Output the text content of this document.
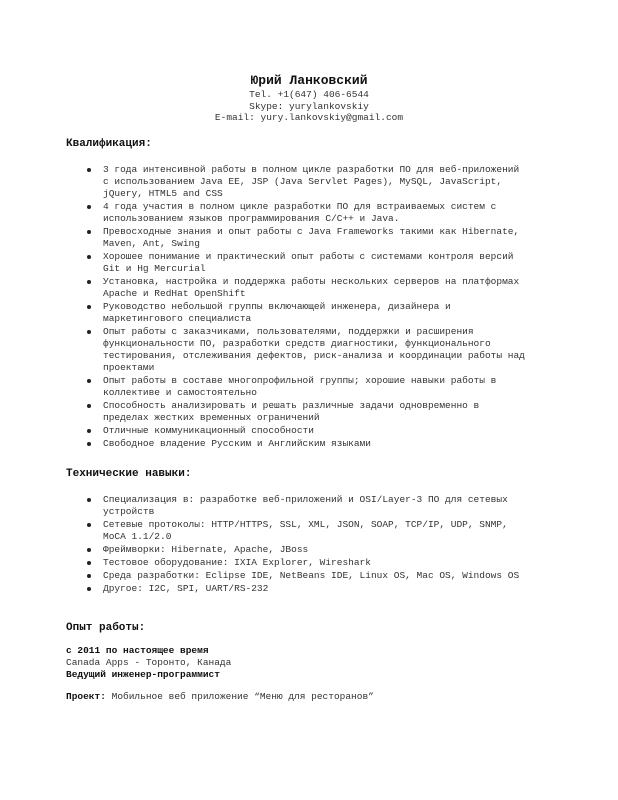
Юрий Ланковский
Tel. +1(647) 406-6544
Skype: yurylankovskiy
E-mail: yury.lankovskiy@gmail.com
Квалификация:
3 года интенсивной работы в полном цикле разработки ПО для веб-приложений
с использованием Java EE, JSP (Java Servlet Pages), MySQL, JavaScript,
jQuery, HTML5 and CSS
4 года участия в полном цикле разработки ПО для встраиваемых систем с
использованием языков программирования C/C++ и Java.
Превосходные знания и опыт работы с Java Frameworks такими как Hibernate,
Maven, Ant, Swing
Хорошее понимание и практический опыт работы с системами контроля версий
Git и Hg Mercurial
Установка, настройка и поддержка работы нескольких серверов на платформах
Apache и RedHat OpenShift
Руководство небольшой группы включающей инженера, дизайнера и
маркетингового специалиста
Опыт работы с заказчиками, пользователями, поддержки и расширения
функциональности ПО, разработки средств диагностики, функционального
тестирования, отслеживания дефектов, риск-анализа и координации работы над
проектами
Опыт работы в составе многопрофильной группы; хорошие навыки работы в
коллективе и самостоятельно
Способность анализировать и решать различные задачи одновременно в
пределах жестких временных ограничений
Отличные коммуникационный способности
Свободное владение Русским и Английским языками
Технические навыки:
Специализация в: разработке веб-приложений и OSI/Layer-3 ПО для сетевых
устройств
Сетевые протоколы: HTTP/HTTPS, SSL, XML, JSON, SOAP, TCP/IP, UDP, SNMP,
MoCA 1.1/2.0
Фреймворки: Hibernate, Apache, JBoss
Тестовое оборудование: IXIA Explorer, Wireshark
Среда разработки: Eclipse IDE, NetBeans IDE, Linux OS, Mac OS, Windows OS
Другое: I2C, SPI, UART/RS-232
Опыт работы:
с 2011 по настоящее время
Canada Apps - Торонто, Канада
Ведущий инженер-программист
Проект: Мобильное веб приложение “Меню для ресторанов”
